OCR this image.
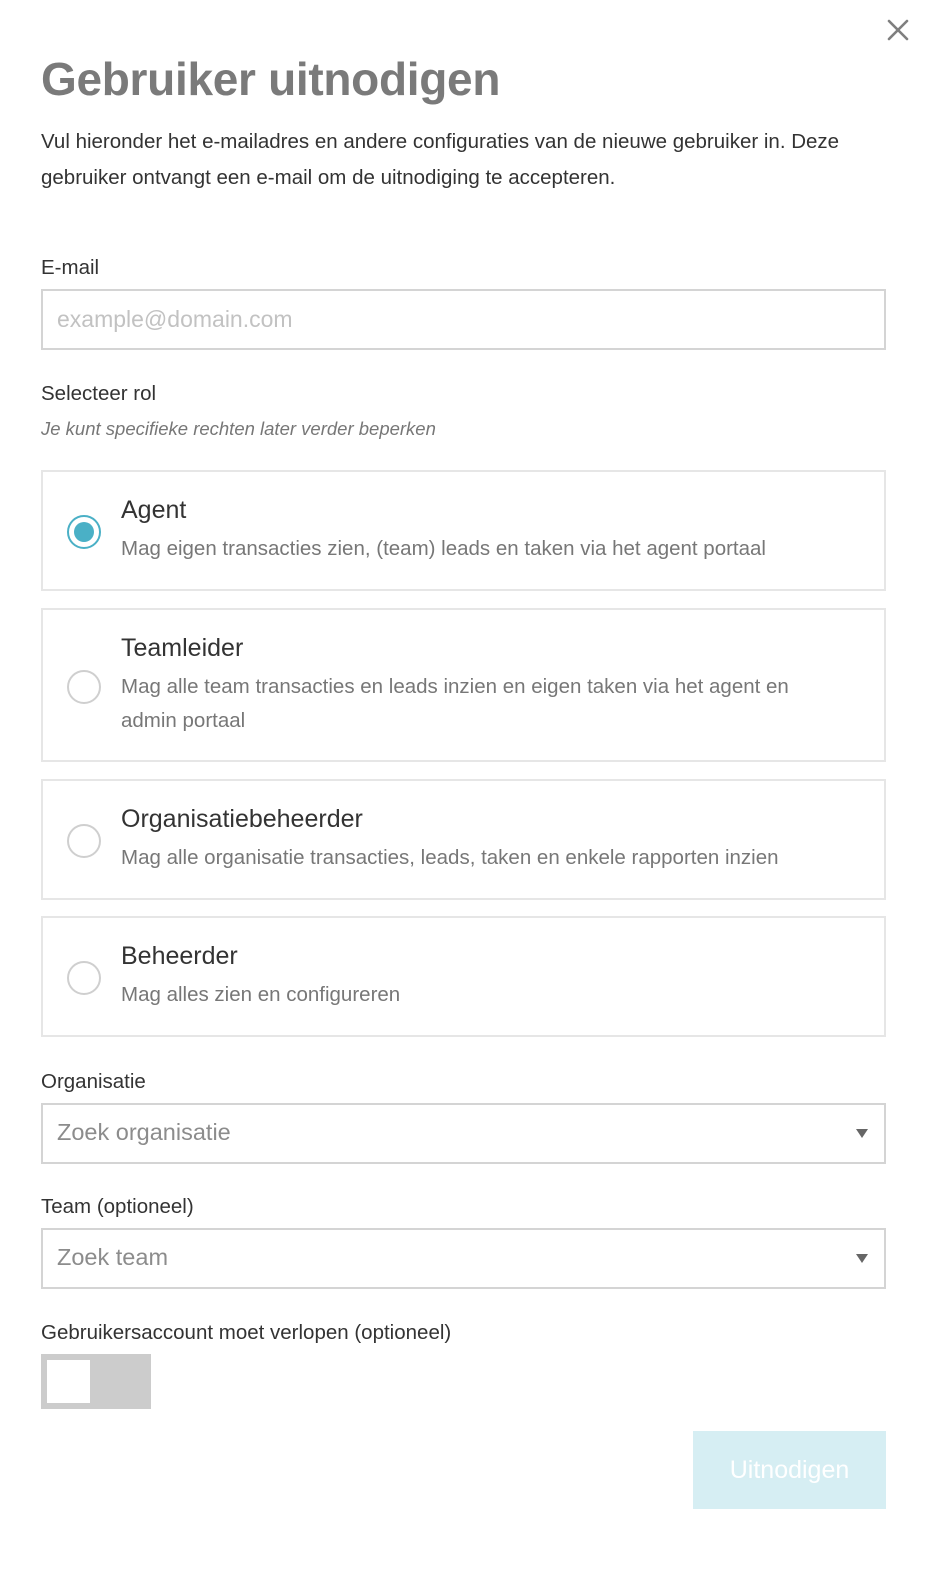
Gebruiker uitnodigen

Vul hieronder het e-mailadres en andere configuraties van de nieuwe gebruiker in. Deze gebruiker ontvangt een e-mail om de uitnodiging te accepteren.

E-mail
example@domain.com
Selecteer rol
Je kunt specifieke rechten later verder beperken
Agent
Mag eigen transacties zien, (team) leads en taken via het agent portaal
Teamleider
Mag alle team transacties en leads inzien en eigen taken via het agent en admin portaal
Organisatiebeheerder
Mag alle organisatie transacties, leads, taken en enkele rapporten inzien
Beheerder
Mag alles zien en configureren
Organisatie
Zoek organisatie
Team (optioneel)
Zoek team
Gebruikersaccount moet verlopen (optioneel)
Uitnodigen
